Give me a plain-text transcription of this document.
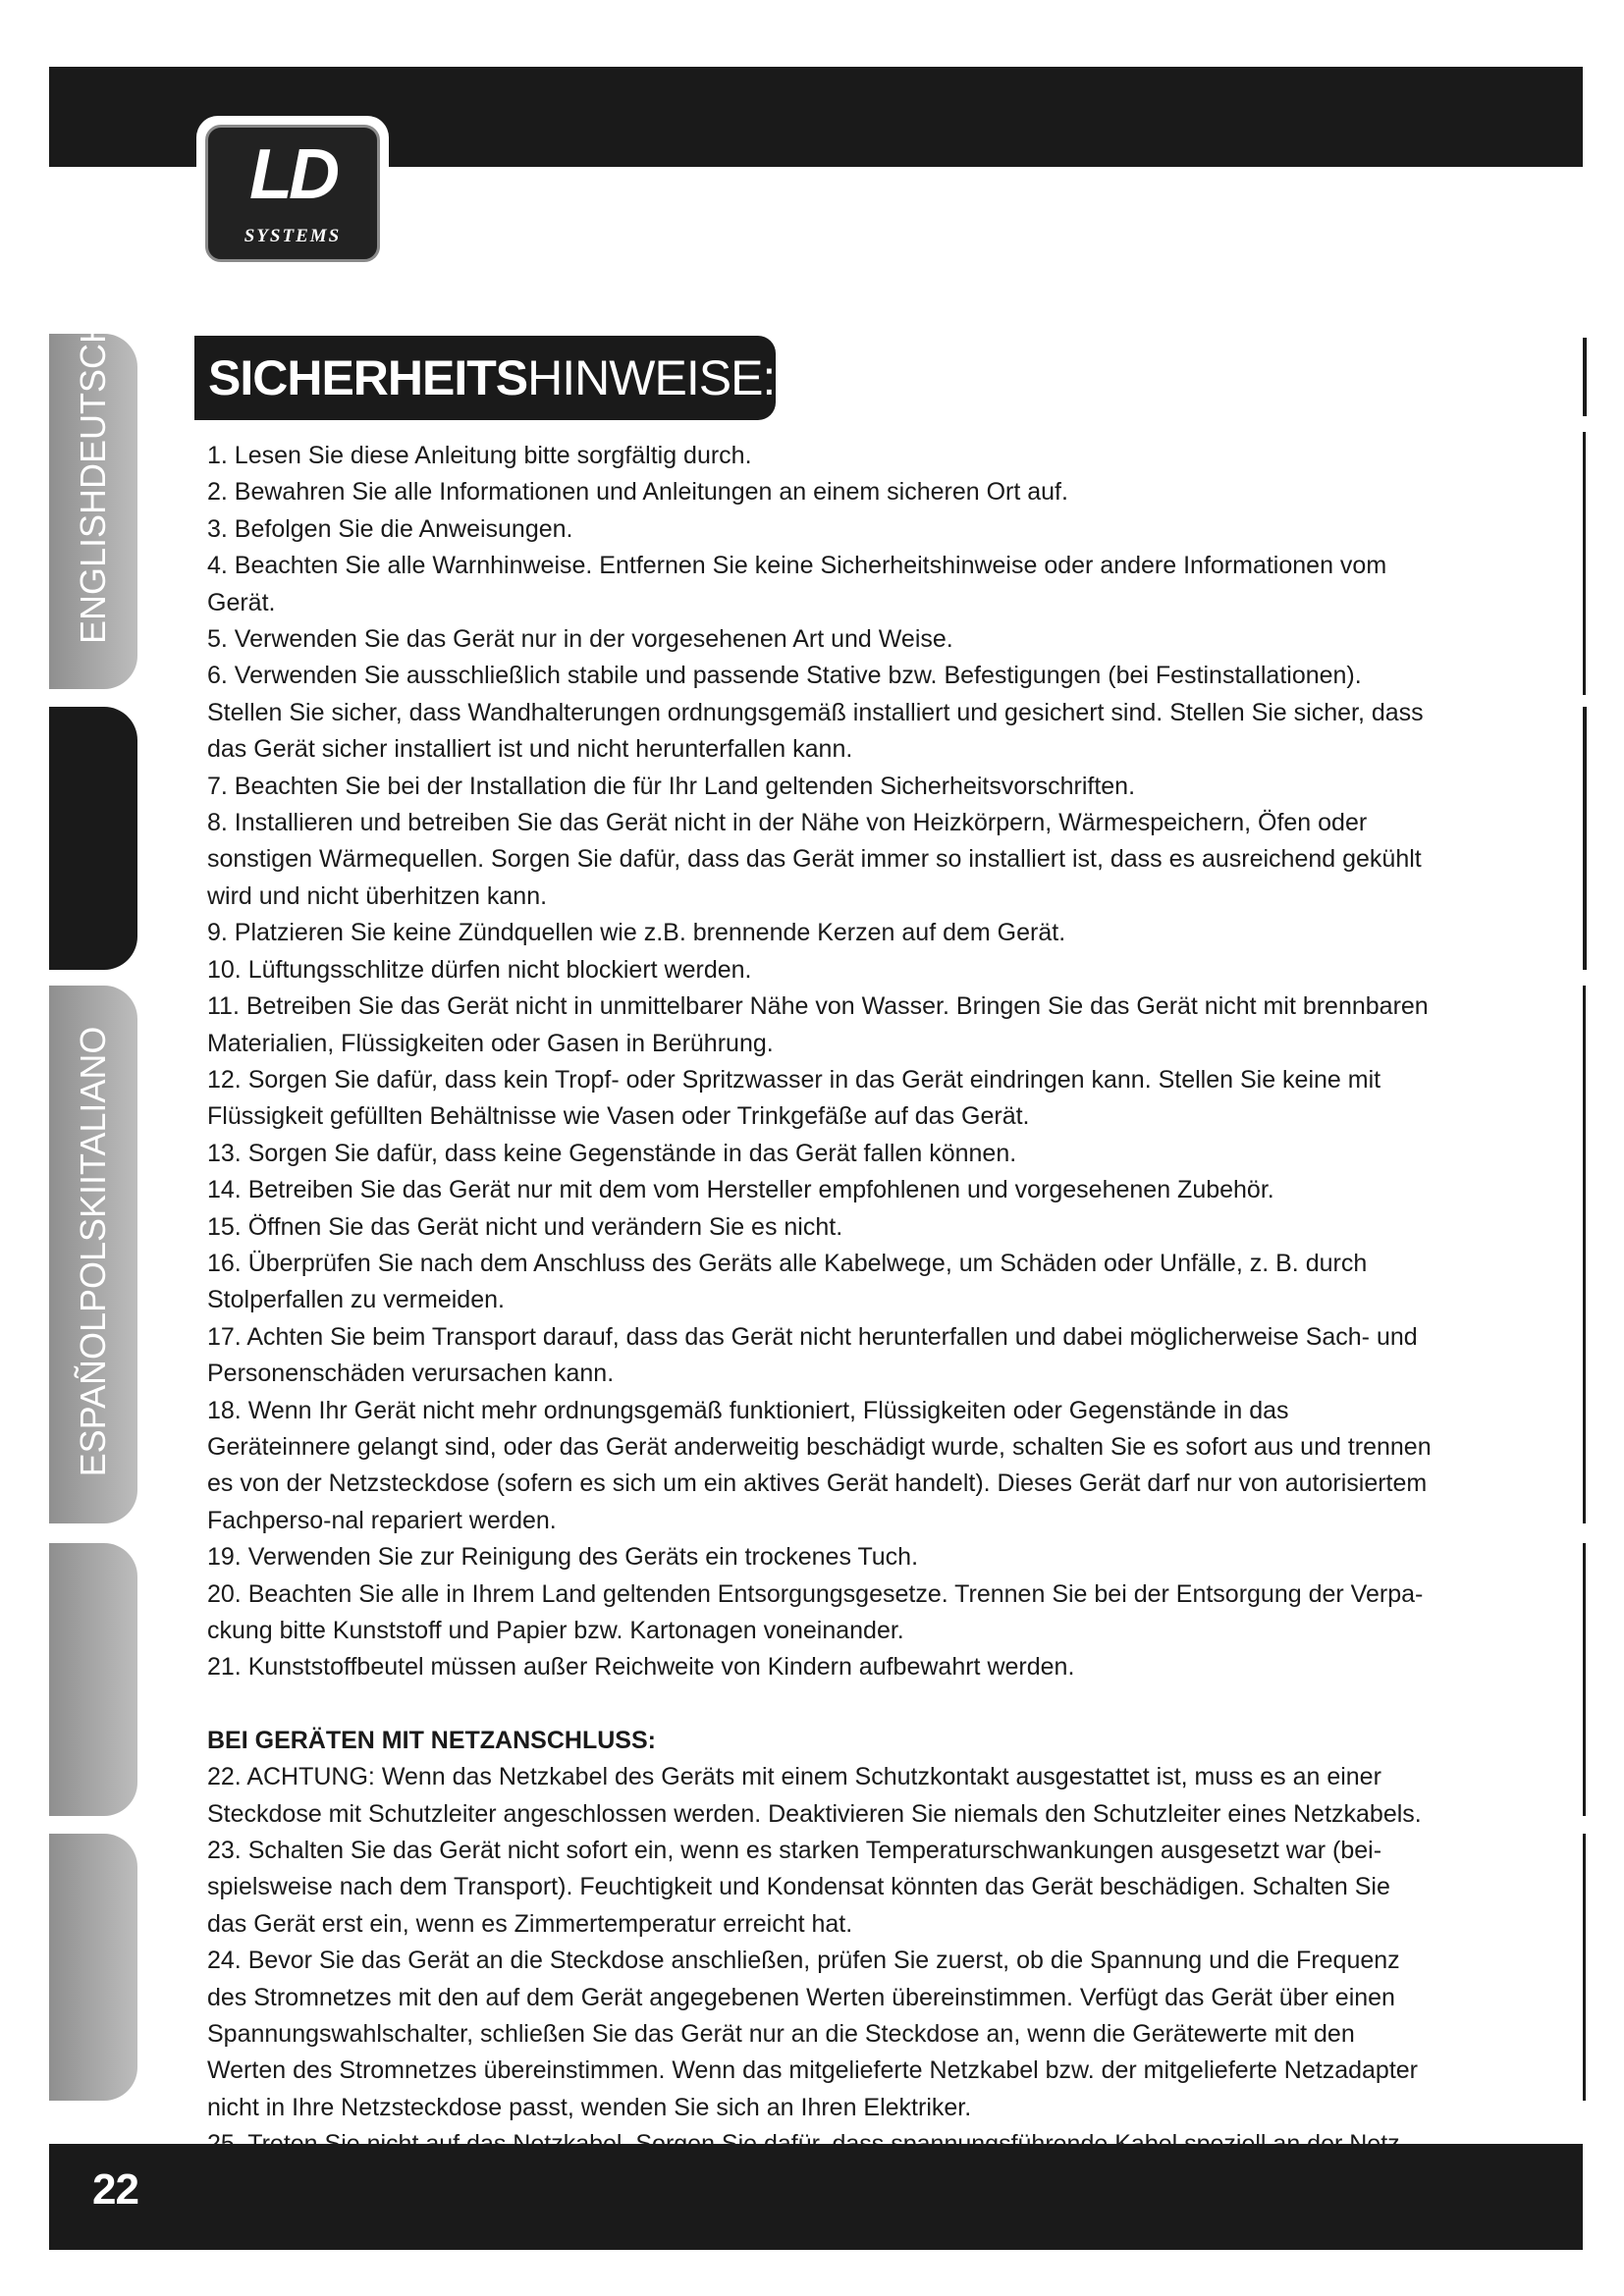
LD
SYSTEMS
ENGLISHDEUTSCH
ESPAÑOLPOLSKIITALIANO
SICHERHEITS HINWEISE:

1. Lesen Sie diese Anleitung bitte sorgfältig durch.

2. Bewahren Sie alle Informationen und Anleitungen an einem sicheren Ort auf.

3. Befolgen Sie die Anweisungen.

4. Beachten Sie alle Warnhinweise. Entfernen Sie keine Sicherheitshinweise oder andere Informationen vom Gerät.

5. Verwenden Sie das Gerät nur in der vorgesehenen Art und Weise.

6. Verwenden Sie ausschließlich stabile und passende Stative bzw. Befestigungen (bei Festinstallationen). Stellen Sie sicher, dass Wandhalterungen ordnungsgemäß installiert und gesichert sind. Stellen Sie sicher, dass das Gerät sicher installiert ist und nicht herunterfallen kann.

7. Beachten Sie bei der Installation die für Ihr Land geltenden Sicherheitsvorschriften.

8. Installieren und betreiben Sie das Gerät nicht in der Nähe von Heizkörpern, Wärmespeichern, Öfen oder sonstigen Wärmequellen. Sorgen Sie dafür, dass das Gerät immer so installiert ist, dass es ausreichend gekühlt wird und nicht überhitzen kann.

9. Platzieren Sie keine Zündquellen wie z.B. brennende Kerzen auf dem Gerät.

10. Lüftungsschlitze dürfen nicht blockiert werden.

11. Betreiben Sie das Gerät nicht in unmittelbarer Nähe von Wasser. Bringen Sie das Gerät nicht mit brennbaren Materialien, Flüssigkeiten oder Gasen in Berührung.

12. Sorgen Sie dafür, dass kein Tropf- oder Spritzwasser in das Gerät eindringen kann. Stellen Sie keine mit Flüssigkeit gefüllten Behältnisse wie Vasen oder Trinkgefäße auf das Gerät.

13. Sorgen Sie dafür, dass keine Gegenstände in das Gerät fallen können.

14. Betreiben Sie das Gerät nur mit dem vom Hersteller empfohlenen und vorgesehenen Zubehör.

15. Öffnen Sie das Gerät nicht und verändern Sie es nicht.

16. Überprüfen Sie nach dem Anschluss des Geräts alle Kabelwege, um Schäden oder Unfälle, z. B. durch Stolperfallen zu vermeiden.

17. Achten Sie beim Transport darauf, dass das Gerät nicht herunterfallen und dabei möglicherweise Sach- und Personenschäden verursachen kann.

18. Wenn Ihr Gerät nicht mehr ordnungsgemäß funktioniert, Flüssigkeiten oder Gegenstände in das Geräteinnere gelangt sind, oder das Gerät anderweitig beschädigt wurde, schalten Sie es sofort aus und trennen es von der Netzsteckdose (sofern es sich um ein aktives Gerät handelt). Dieses Gerät darf nur von autorisiertem Fachperso-nal repariert werden.

19. Verwenden Sie zur Reinigung des Geräts ein trockenes Tuch.

20. Beachten Sie alle in Ihrem Land geltenden Entsorgungsgesetze. Trennen Sie bei der Entsorgung der Verpa-ckung bitte Kunststoff und Papier bzw. Kartonagen voneinander.

21. Kunststoffbeutel müssen außer Reichweite von Kindern aufbewahrt werden.

BEI GERÄTEN MIT NETZANSCHLUSS:

22. ACHTUNG: Wenn das Netzkabel des Geräts mit einem Schutzkontakt ausgestattet ist, muss es an einer Steckdose mit Schutzleiter angeschlossen werden. Deaktivieren Sie niemals den Schutzleiter eines Netzkabels.

23. Schalten Sie das Gerät nicht sofort ein, wenn es starken Temperaturschwankungen ausgesetzt war (bei-spielsweise nach dem Transport). Feuchtigkeit und Kondensat könnten das Gerät beschädigen. Schalten Sie das Gerät erst ein, wenn es Zimmertemperatur erreicht hat.

24. Bevor Sie das Gerät an die Steckdose anschließen, prüfen Sie zuerst, ob die Spannung und die Frequenz des Stromnetzes mit den auf dem Gerät angegebenen Werten übereinstimmen. Verfügt das Gerät über einen Spannungswahlschalter, schließen Sie das Gerät nur an die Steckdose an, wenn die Gerätewerte mit den Werten des Stromnetzes übereinstimmen. Wenn das mitgelieferte Netzkabel bzw. der mitgelieferte Netzadapter nicht in Ihre Netzsteckdose passt, wenden Sie sich an Ihren Elektriker.

22
